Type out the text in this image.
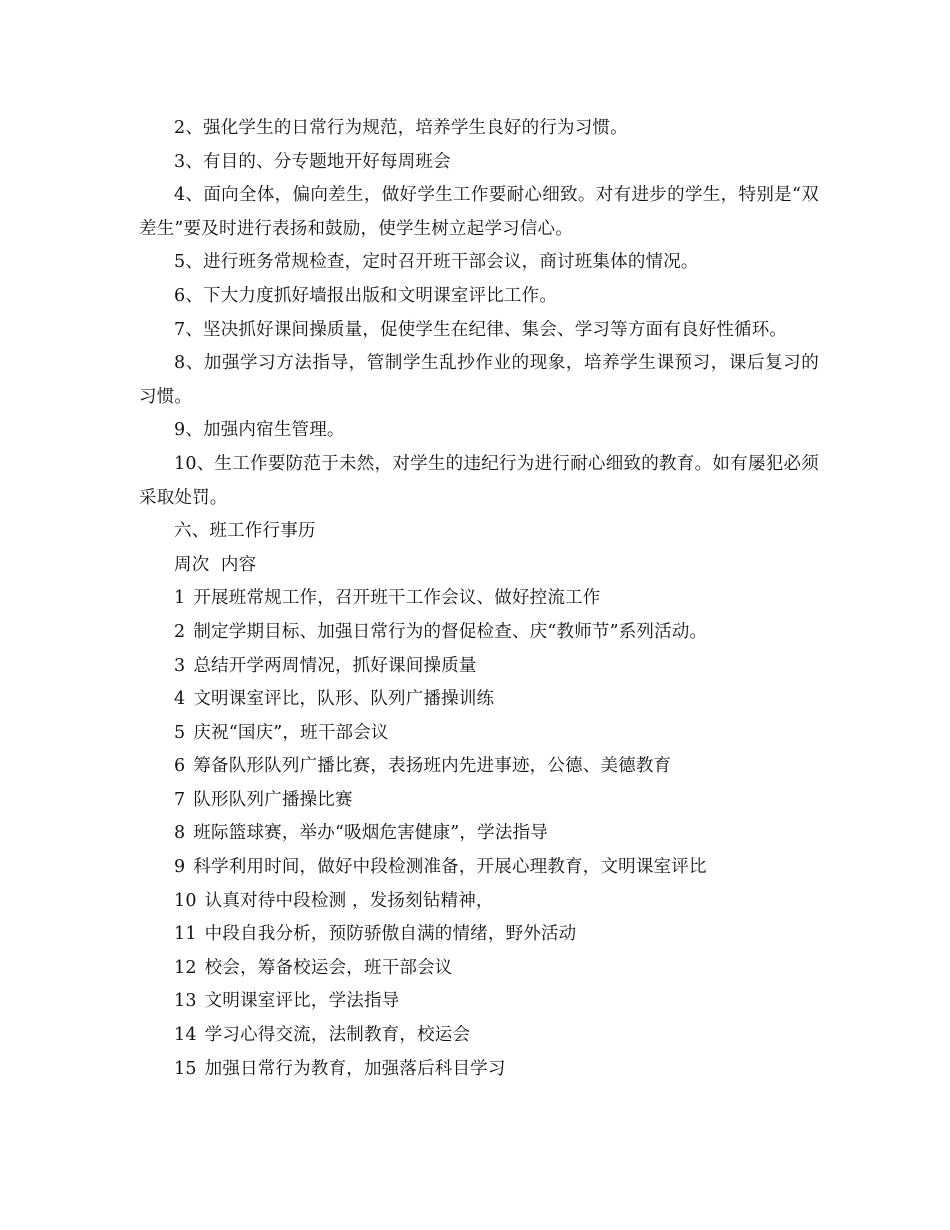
2、强化学生的日常行为规范，培养学生良好的行为习惯。

3、有目的、分专题地开好每周班会

4、面向全体，偏向差生，做好学生工作要耐心细致。对有进步的学生，特别是“双差生”要及时进行表扬和鼓励，使学生树立起学习信心。

5、进行班务常规检查，定时召开班干部会议，商讨班集体的情况。

6、下大力度抓好墙报出版和文明课室评比工作。

7、坚决抓好课间操质量，促使学生在纪律、集会、学习等方面有良好性循环。

8、加强学习方法指导，管制学生乱抄作业的现象，培养学生课预习，课后复习的习惯。

9、加强内宿生管理。

10、生工作要防范于未然，对学生的违纪行为进行耐心细致的教育。如有屡犯必须采取处罚。

六、班工作行事历

周次  内容

1 开展班常规工作，召开班干工作会议、做好控流工作

2 制定学期目标、加强日常行为的督促检查、庆“教师节”系列活动。

3 总结开学两周情况，抓好课间操质量

4 文明课室评比，队形、队列广播操训练

5 庆祝“国庆”，班干部会议

6 筹备队形队列广播比赛，表扬班内先进事迹，公德、美德教育

7 队形队列广播操比赛

8 班际篮球赛，举办“吸烟危害健康”，学法指导

9 科学利用时间，做好中段检测准备，开展心理教育，文明课室评比

10 认真对待中段检测 ，发扬刻钻精神，

11 中段自我分析，预防骄傲自满的情绪，野外活动

12 校会，筹备校运会，班干部会议

13 文明课室评比，学法指导

14 学习心得交流，法制教育，校运会

15 加强日常行为教育，加强落后科目学习
